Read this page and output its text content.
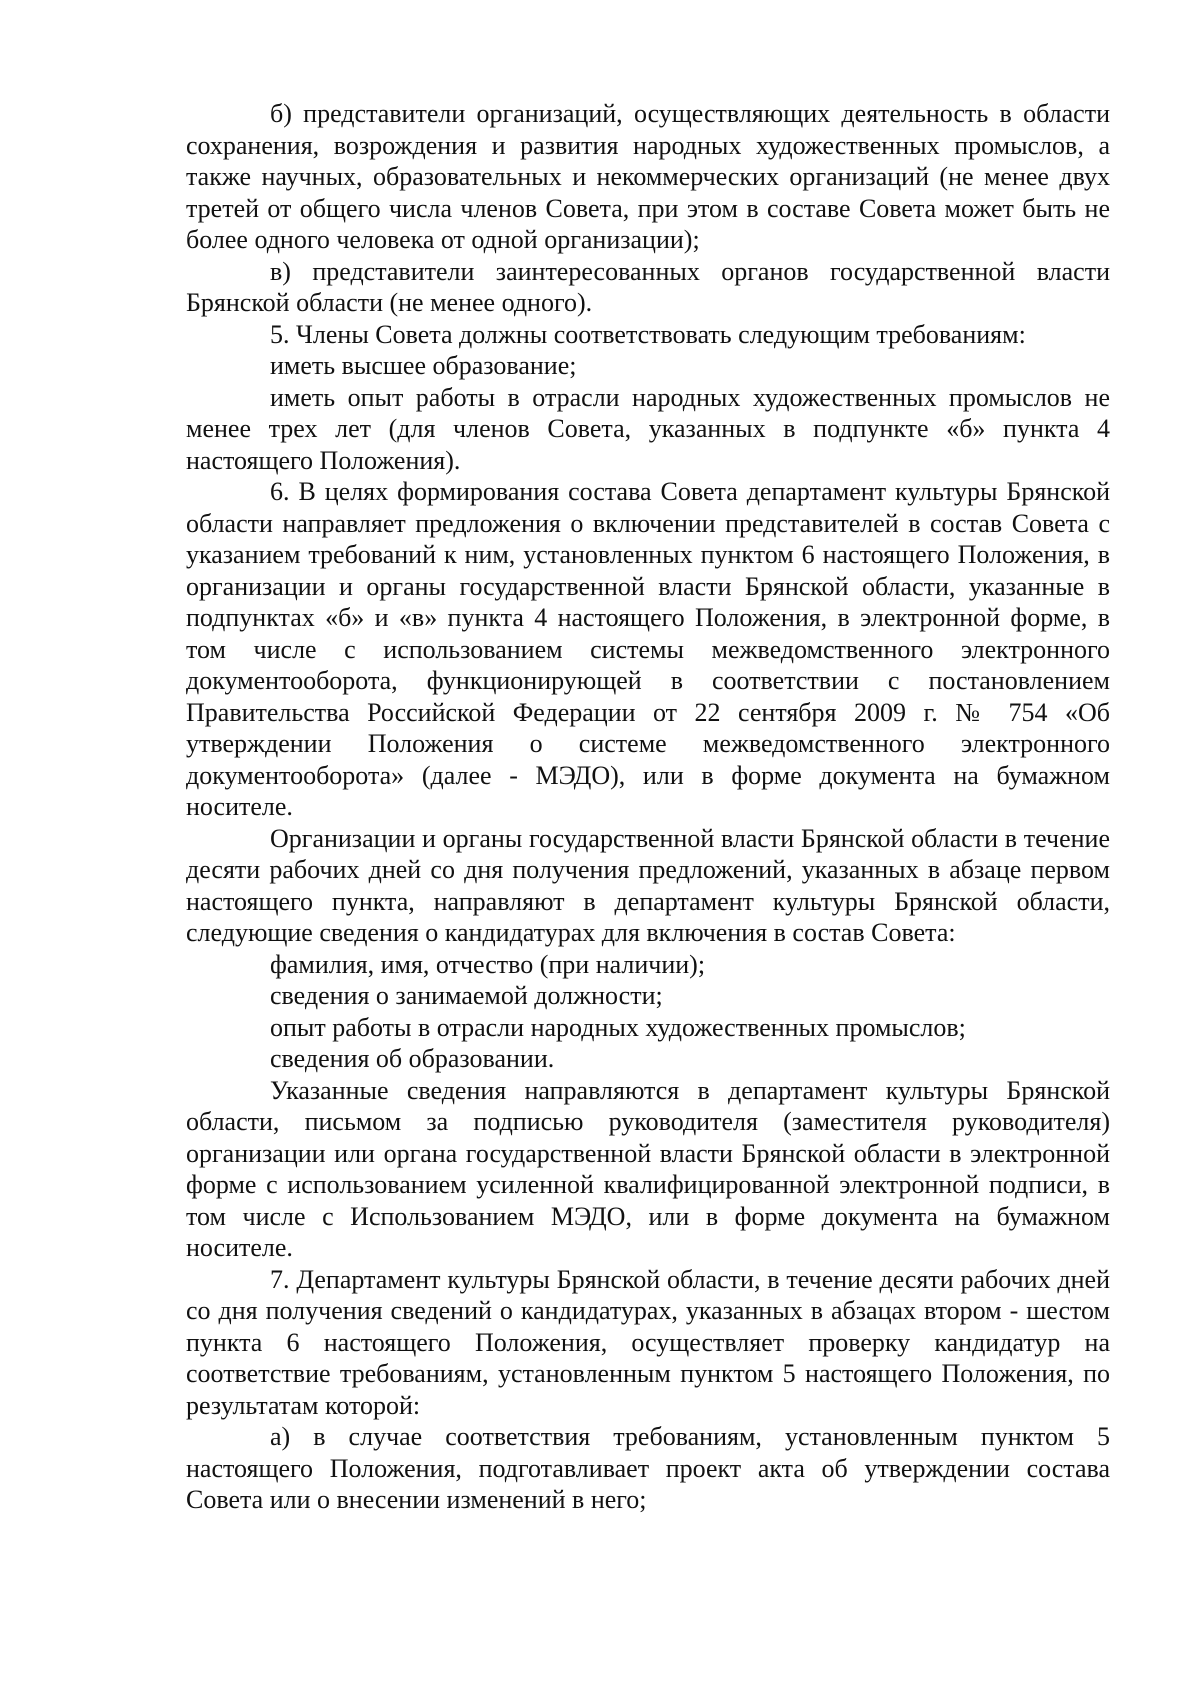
б) представители организаций, осуществляющих деятельность в области сохранения, возрождения и развития народных художественных промыслов, а также научных, образовательных и некоммерческих организаций (не менее двух третей от общего числа членов Совета, при этом в составе Совета может быть не более одного человека от одной организации);

в) представители заинтересованных органов государственной власти Брянской области (не менее одного).

5. Члены Совета должны соответствовать следующим требованиям:

иметь высшее образование;

иметь опыт работы в отрасли народных художественных промыслов не менее трех лет (для членов Совета, указанных в подпункте «б» пункта 4 настоящего Положения).

6. В целях формирования состава Совета департамент культуры Брянской области направляет предложения о включении представителей в состав Совета с указанием требований к ним, установленных пунктом 6 настоящего Положения, в организации и органы государственной власти Брянской области, указанные в подпунктах «б» и «в» пункта 4 настоящего Положения, в электронной форме, в том числе с использованием системы межведомственного электронного документооборота, функционирующей в соответствии с постановлением Правительства Российской Федерации от 22 сентября 2009 г. № 754 «Об утверждении Положения о системе межведомственного электронного документооборота» (далее - МЭДО), или в форме документа на бумажном носителе.

Организации и органы государственной власти Брянской области в течение десяти рабочих дней со дня получения предложений, указанных в абзаце первом настоящего пункта, направляют в департамент культуры Брянской области, следующие сведения о кандидатурах для включения в состав Совета:

фамилия, имя, отчество (при наличии);

сведения о занимаемой должности;

опыт работы в отрасли народных художественных промыслов;

сведения об образовании.

Указанные сведения направляются в департамент культуры Брянской области, письмом за подписью руководителя (заместителя руководителя) организации или органа государственной власти Брянской области в электронной форме с использованием усиленной квалифицированной электронной подписи, в том числе с Использованием МЭДО, или в форме документа на бумажном носителе.

7. Департамент культуры Брянской области, в течение десяти рабочих дней со дня получения сведений о кандидатурах, указанных в абзацах втором - шестом пункта 6 настоящего Положения, осуществляет проверку кандидатур на соответствие требованиям, установленным пунктом 5 настоящего Положения, по результатам которой:

а) в случае соответствия требованиям, установленным пунктом 5 настоящего Положения, подготавливает проект акта об утверждении состава Совета или о внесении изменений в него;
